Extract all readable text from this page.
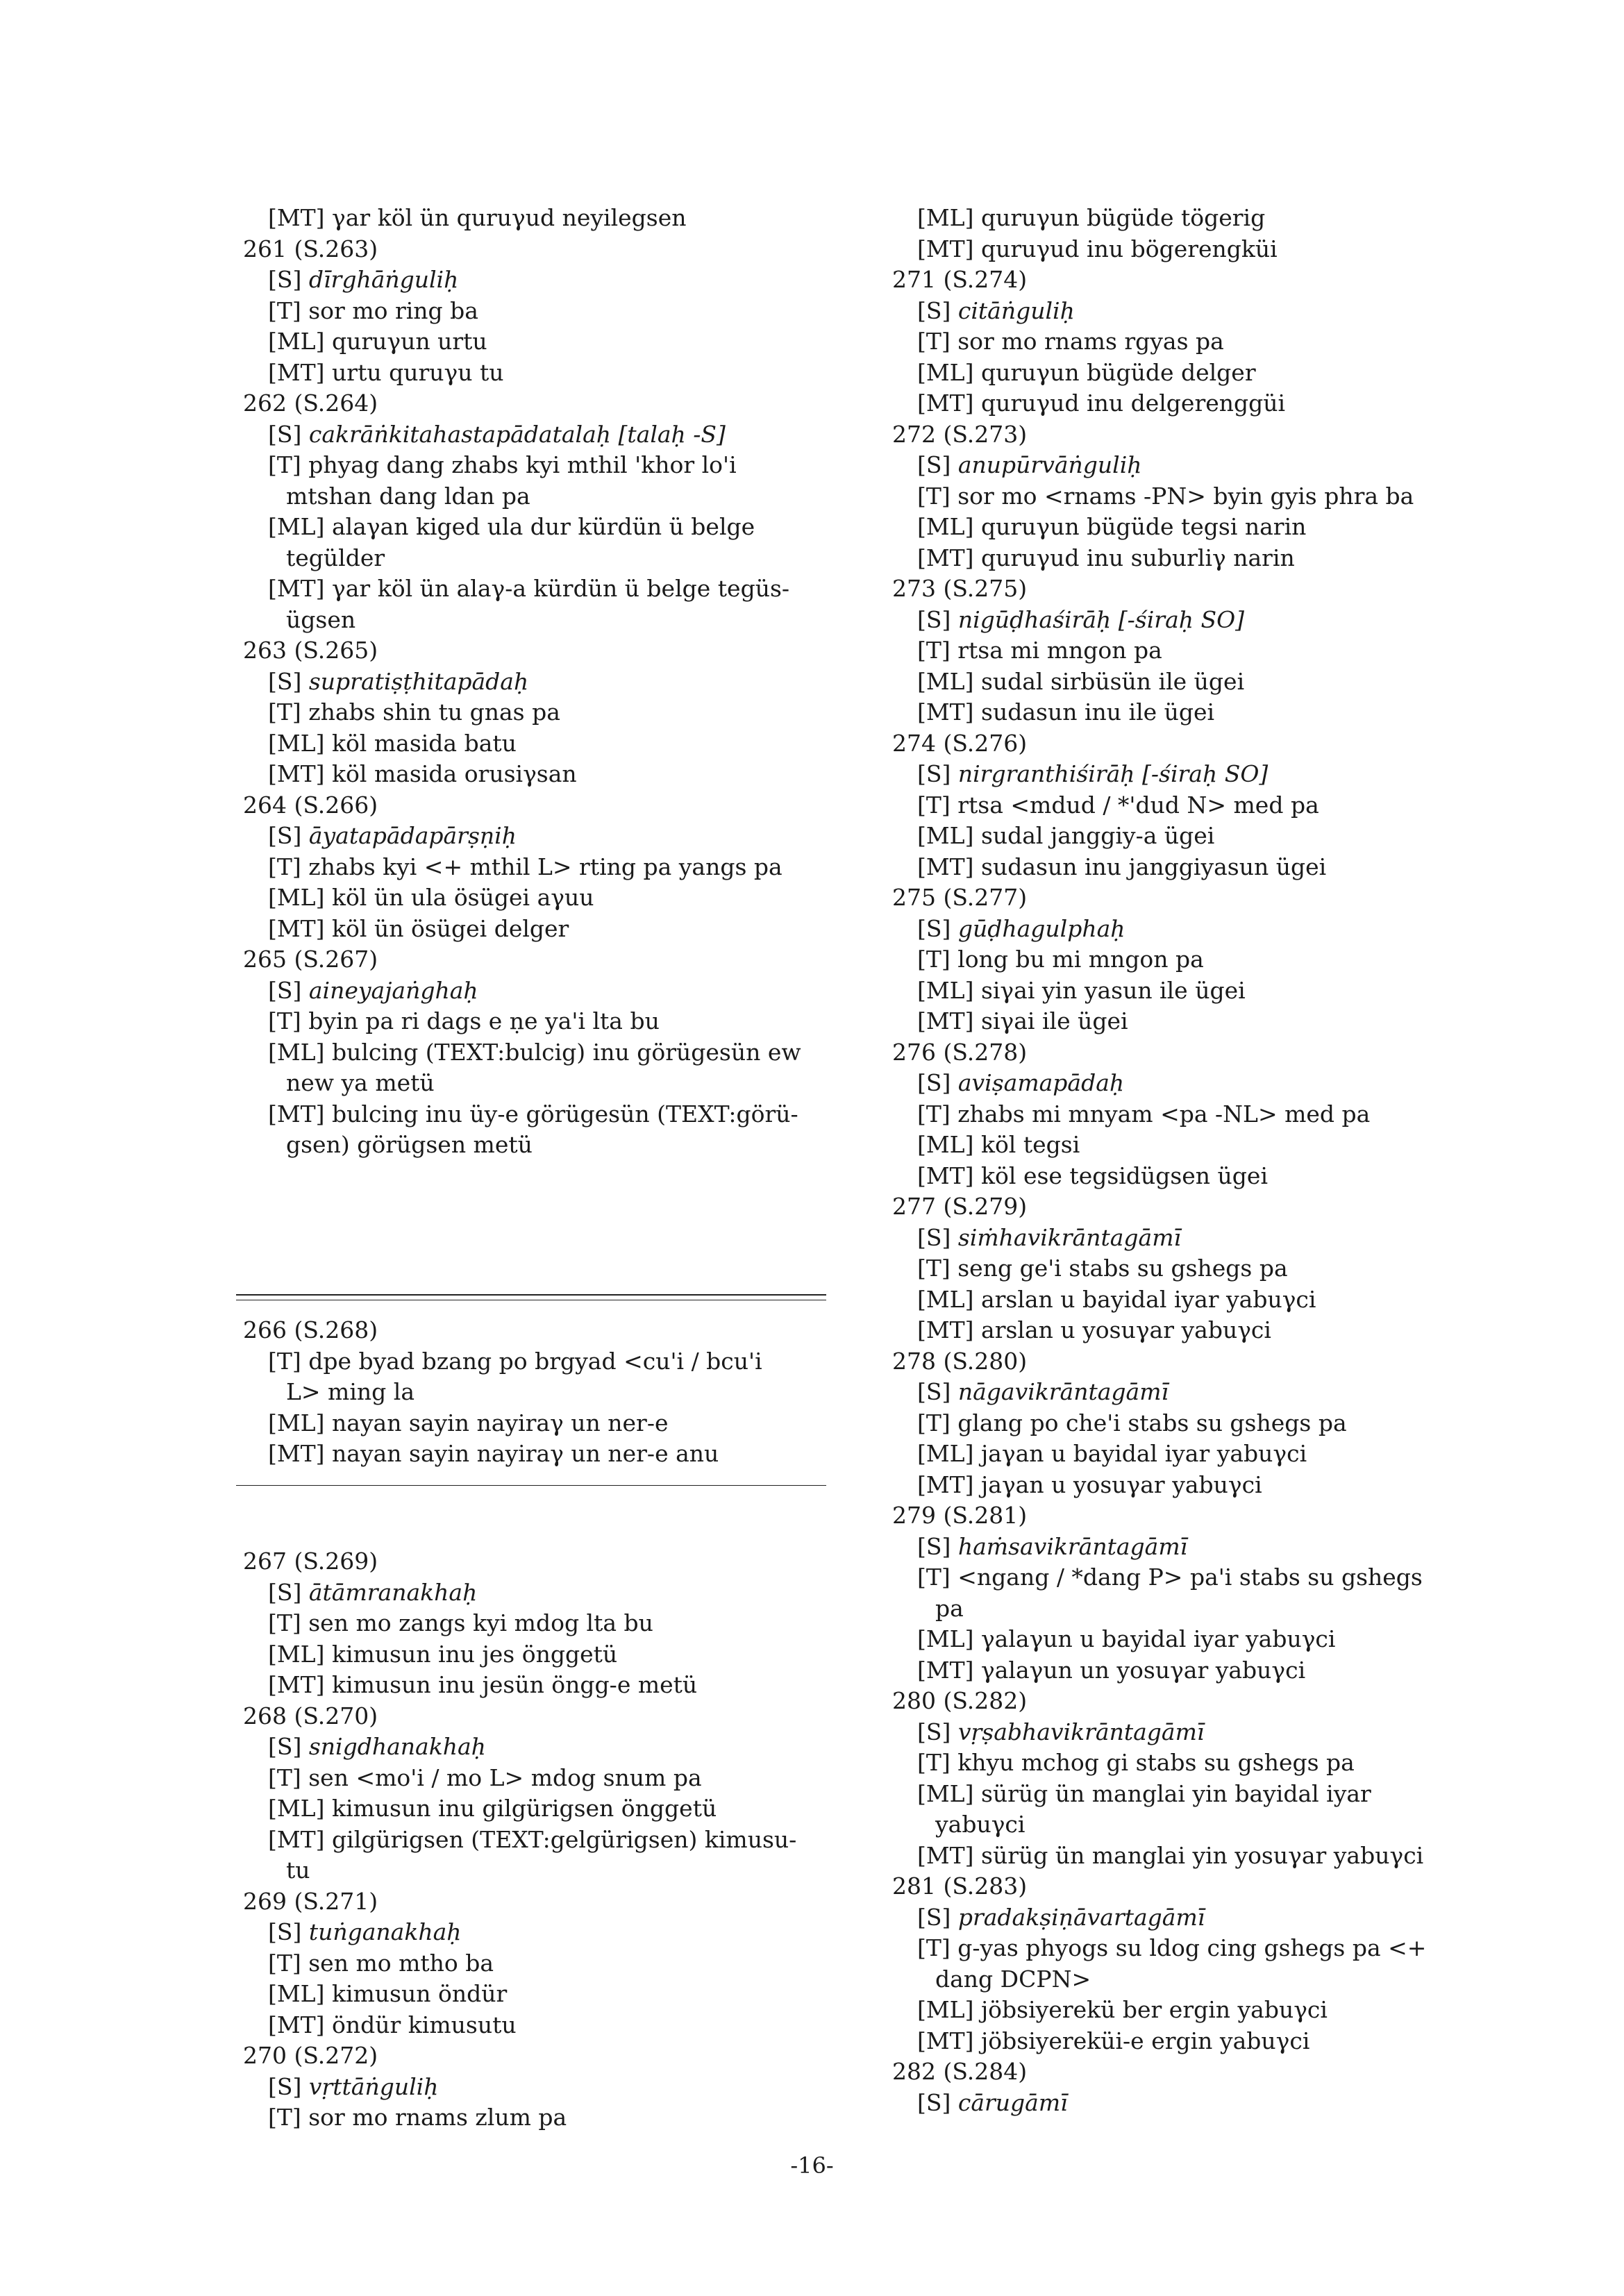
[MT] γar köl ün quruγud neyilegsen
261 (S.263)
[S] dīrghāṅguliḥ
[T] sor mo ring ba
[ML] quruγun urtu
[MT] urtu quruγu tu
262 (S.264)
[S] cakrāṅkitahastapādatalaḥ [talaḥ -S]
[T] phyag dang zhabs kyi mthil 'khor lo'i
mtshan dang ldan pa
[ML] alaγan kiged ula dur kürdün ü belge
tegülder
[MT] γar köl ün alaγ-a kürdün ü belge tegüs-
ügsen
263 (S.265)
[S] supratiṣṭhitapādaḥ
[T] zhabs shin tu gnas pa
[ML] köl masida batu
[MT] köl masida orusiγsan
264 (S.266)
[S] āyatapādapārṣṇiḥ
[T] zhabs kyi <+ mthil L> rting pa yangs pa
[ML] köl ün ula ösügei aγuu
[MT] köl ün ösügei delger
265 (S.267)
[S] aineyajaṅghaḥ
[T] byin pa ri dags e ṇe ya'i lta bu
[ML] bulcing (TEXT:bulcig) inu görügesün ew
new ya metü
[MT] bulcing inu üy-e görügesün (TEXT:görü-
gsen) görügsen metü
266 (S.268)
[T] dpe byad bzang po brgyad <cu'i / bcu'i
L> ming la
[ML] nayan sayin nayiraγ un ner-e
[MT] nayan sayin nayiraγ un ner-e anu
267 (S.269)
[S] ātāmranakhaḥ
[T] sen mo zangs kyi mdog lta bu
[ML] kimusun inu jes önggetü
[MT] kimusun inu jesün öngg-e metü
268 (S.270)
[S] snigdhanakhaḥ
[T] sen <mo'i / mo L> mdog snum pa
[ML] kimusun inu gilgürigsen önggetü
[MT] gilgürigsen (TEXT:gelgürigsen) kimusu-
tu
269 (S.271)
[S] tuṅganakhaḥ
[T] sen mo mtho ba
[ML] kimusun öndür
[MT] öndür kimusutu
270 (S.272)
[S] vṛttāṅguliḥ
[T] sor mo rnams zlum pa
[ML] quruγun bügüde tögerig
[MT] quruγud inu bögerengküi
271 (S.274)
[S] citāṅguliḥ
[T] sor mo rnams rgyas pa
[ML] quruγun bügüde delger
[MT] quruγud inu delgerenggüi
272 (S.273)
[S] anupūrvāṅguliḥ
[T] sor mo <rnams -PN> byin gyis phra ba
[ML] quruγun bügüde tegsi narin
[MT] quruγud inu suburliγ narin
273 (S.275)
[S] nigūḍhaśirāḥ [-śiraḥ SO]
[T] rtsa mi mngon pa
[ML] sudal sirbüsün ile ügei
[MT] sudasun inu ile ügei
274 (S.276)
[S] nirgranthiśirāḥ [-śiraḥ SO]
[T] rtsa <mdud / *'dud N> med pa
[ML] sudal janggiy-a ügei
[MT] sudasun inu janggiyasun ügei
275 (S.277)
[S] gūḍhagulphaḥ
[T] long bu mi mngon pa
[ML] siγai yin yasun ile ügei
[MT] siγai ile ügei
276 (S.278)
[S] aviṣamapādaḥ
[T] zhabs mi mnyam <pa -NL> med pa
[ML] köl tegsi
[MT] köl ese tegsidügsen ügei
277 (S.279)
[S] siṁhavikrāntagāmī
[T] seng ge'i stabs su gshegs pa
[ML] arslan u bayidal iyar yabuγci
[MT] arslan u yosuγar yabuγci
278 (S.280)
[S] nāgavikrāntagāmī
[T] glang po che'i stabs su gshegs pa
[ML] jaγan u bayidal iyar yabuγci
[MT] jaγan u yosuγar yabuγci
279 (S.281)
[S] haṁsavikrāntagāmī
[T] <ngang / *dang P> pa'i stabs su gshegs
pa
[ML] γalaγun u bayidal iyar yabuγci
[MT] γalaγun un yosuγar yabuγci
280 (S.282)
[S] vṛṣabhavikrāntagāmī
[T] khyu mchog gi stabs su gshegs pa
[ML] sürüg ün manglai yin bayidal iyar
yabuγci
[MT] sürüg ün manglai yin yosuγar yabuγci
281 (S.283)
[S] pradakṣiṇāvartagāmī
[T] g-yas phyogs su ldog cing gshegs pa <+
dang DCPN>
[ML] jöbsiyerekü ber ergin yabuγci
[MT] jöbsiyereküi-e ergin yabuγci
282 (S.284)
[S] cārugāmī
-16-
